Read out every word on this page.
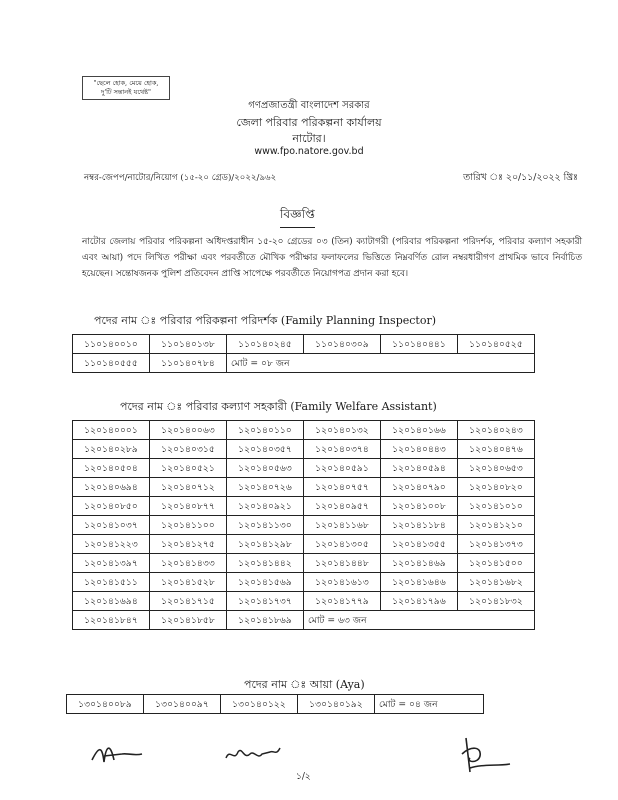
"ছেলে হোক, মেয়ে হোক,
দু'টি সন্তানই যথেষ্ট"
গণপ্রজাতন্ত্রী বাংলাদেশ সরকার
জেলা পরিবার পরিকল্পনা কার্যালয়
নাটোর।
www.fpo.natore.gov.bd
নম্বর-জেপপ/নাটোর/নিয়োগ (১৫-২০ গ্রেড)/২০২২/৯৬২	তারিখ ঃ ২০/১১/২০২২ খ্রিঃ
বিজ্ঞপ্তি
নাটোর জেলায় পরিবার পরিকল্পনা অধিদপ্তরাধীন ১৫-২০ গ্রেডের ০৩ (তিন) ক্যাটাগরী (পরিবার পরিকল্পনা পরিদর্শক, পরিবার কল্যাণ সহকারী এবং আয়া) পদে লিখিত পরীক্ষা এবং পরবর্তীতে মৌখিক পরীক্ষার ফলাফলের ভিত্তিতে নিম্নবর্ণিত রোল নম্বরধারীগণ প্রাথমিক ভাবে নির্বাচিত হয়েছেন। সন্তোষজনক পুলিশ প্রতিবেদন প্রাপ্তি সাপেক্ষে পরবর্তীতে নিয়োগপত্র প্রদান করা হবে।
পদের নাম ঃ পরিবার পরিকল্পনা পরিদর্শক (Family Planning Inspector)
১১০১৪০০১০	১১০১৪০১৩৮	১১০১৪০২৪৫	১১০১৪০৩০৯	১১০১৪০৪৪১	১১০১৪০৫২৫
১১০১৪০৫৫৫	১১০১৪০৭৮৪	মোট = ০৮ জন			
পদের নাম ঃ পরিবার কল্যাণ সহকারী (Family Welfare Assistant)
১২০১৪০০০১	১২০১৪০০৬৩	১২০১৪০১১০	১২০১৪০১৩২	১২০১৪০১৬৬	১২০১৪০২৪৩
১২০১৪০২৮৯	১২০১৪০৩১৫	১২০১৪০৩৫৭	১২০১৪০৩৭৪	১২০১৪০৪৪৩	১২০১৪০৪৭৬
১২০১৪০৫০৪	১২০১৪০৫২১	১২০১৪০৫৬৩	১২০১৪০৫৯১	১২০১৪০৫৯৪	১২০১৪০৬৫৩
১২০১৪০৬৯৪	১২০১৪০৭১২	১২০১৪০৭২৬	১২০১৪০৭৫৭	১২০১৪০৭৯০	১২০১৪০৮২০
১২০১৪০৮৫০	১২০১৪০৮৭৭	১২০১৪০৯২১	১২০১৪০৯৫৭	১২০১৪১০০৮	১২০১৪১০১০
১২০১৪১০৩৭	১২০১৪১১০০	১২০১৪১১৩০	১২০১৪১১৬৮	১২০১৪১১৮৪	১২০১৪১২১০
১২০১৪১২২৩	১২০১৪১২৭৫	১২০১৪১২৯৮	১২০১৪১৩০৫	১২০১৪১৩৫৫	১২০১৪১৩৭৩
১২০১৪১৩৯৭	১২০১৪১৪৩৩	১২০১৪১৪৪২	১২০১৪১৪৪৮	১২০১৪১৪৬৯	১২০১৪১৫০০
১২০১৪১৫১১	১২০১৪১৫২৮	১২০১৪১৫৬৯	১২০১৪১৬১৩	১২০১৪১৬৪৬	১২০১৪১৬৮২
১২০১৪১৬৯৪	১২০১৪১৭১৫	১২০১৪১৭৩৭	১২০১৪১৭৭৯	১২০১৪১৭৯৬	১২০১৪১৮৩২
১২০১৪১৮৪৭	১২০১৪১৮৫৮	১২০১৪১৮৬৯	মোট = ৬৩ জন		
পদের নাম ঃ আয়া (Aya)
১৩০১৪০০৮৯	১৩০১৪০০৯৭	১৩০১৪০১২২	১৩০১৪০১৯২	মোট = ০৪ জন
১/২
